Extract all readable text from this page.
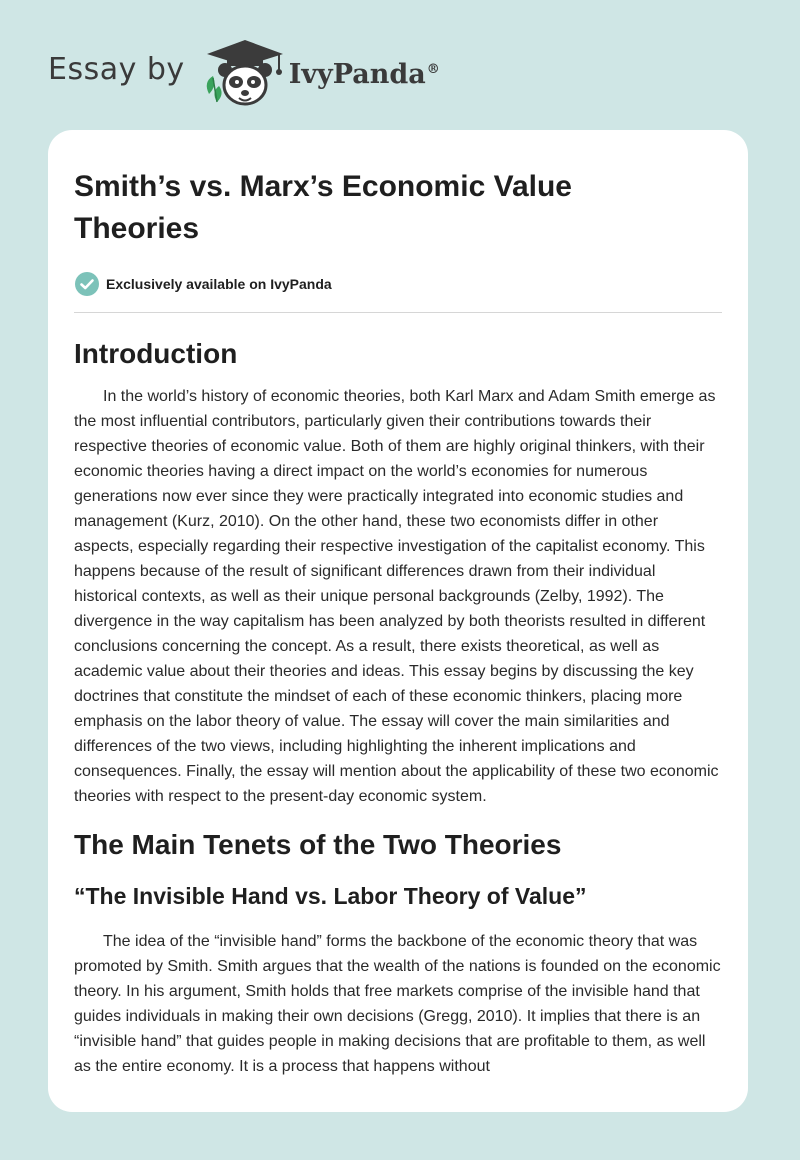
Essay by	IvyPanda®
Smith’s vs. Marx’s Economic Value Theories
Exclusively available on IvyPanda
Introduction

In the world’s history of economic theories, both Karl Marx and Adam Smith emerge as the most influential contributors, particularly given their contributions towards their respective theories of economic value. Both of them are highly original thinkers, with their economic theories having a direct impact on the world’s economies for numerous generations now ever since they were practically integrated into economic studies and management (Kurz, 2010). On the other hand, these two economists differ in other aspects, especially regarding their respective investigation of the capitalist economy. This happens because of the result of significant differences drawn from their individual historical contexts, as well as their unique personal backgrounds (Zelby, 1992). The divergence in the way capitalism has been analyzed by both theorists resulted in different conclusions concerning the concept. As a result, there exists theoretical, as well as academic value about their theories and ideas. This essay begins by discussing the key doctrines that constitute the mindset of each of these economic thinkers, placing more emphasis on the labor theory of value. The essay will cover the main similarities and differences of the two views, including highlighting the inherent implications and consequences. Finally, the essay will mention about the applicability of these two economic theories with respect to the present-day economic system.

The Main Tenets of the Two Theories
“The Invisible Hand vs. Labor Theory of Value”

The idea of the “invisible hand” forms the backbone of the economic theory that was promoted by Smith. Smith argues that the wealth of the nations is founded on the economic theory. In his argument, Smith holds that free markets comprise of the invisible hand that guides individuals in making their own decisions (Gregg, 2010). It implies that there is an “invisible hand” that guides people in making decisions that are profitable to them, as well as the entire economy. It is a process that happens without
